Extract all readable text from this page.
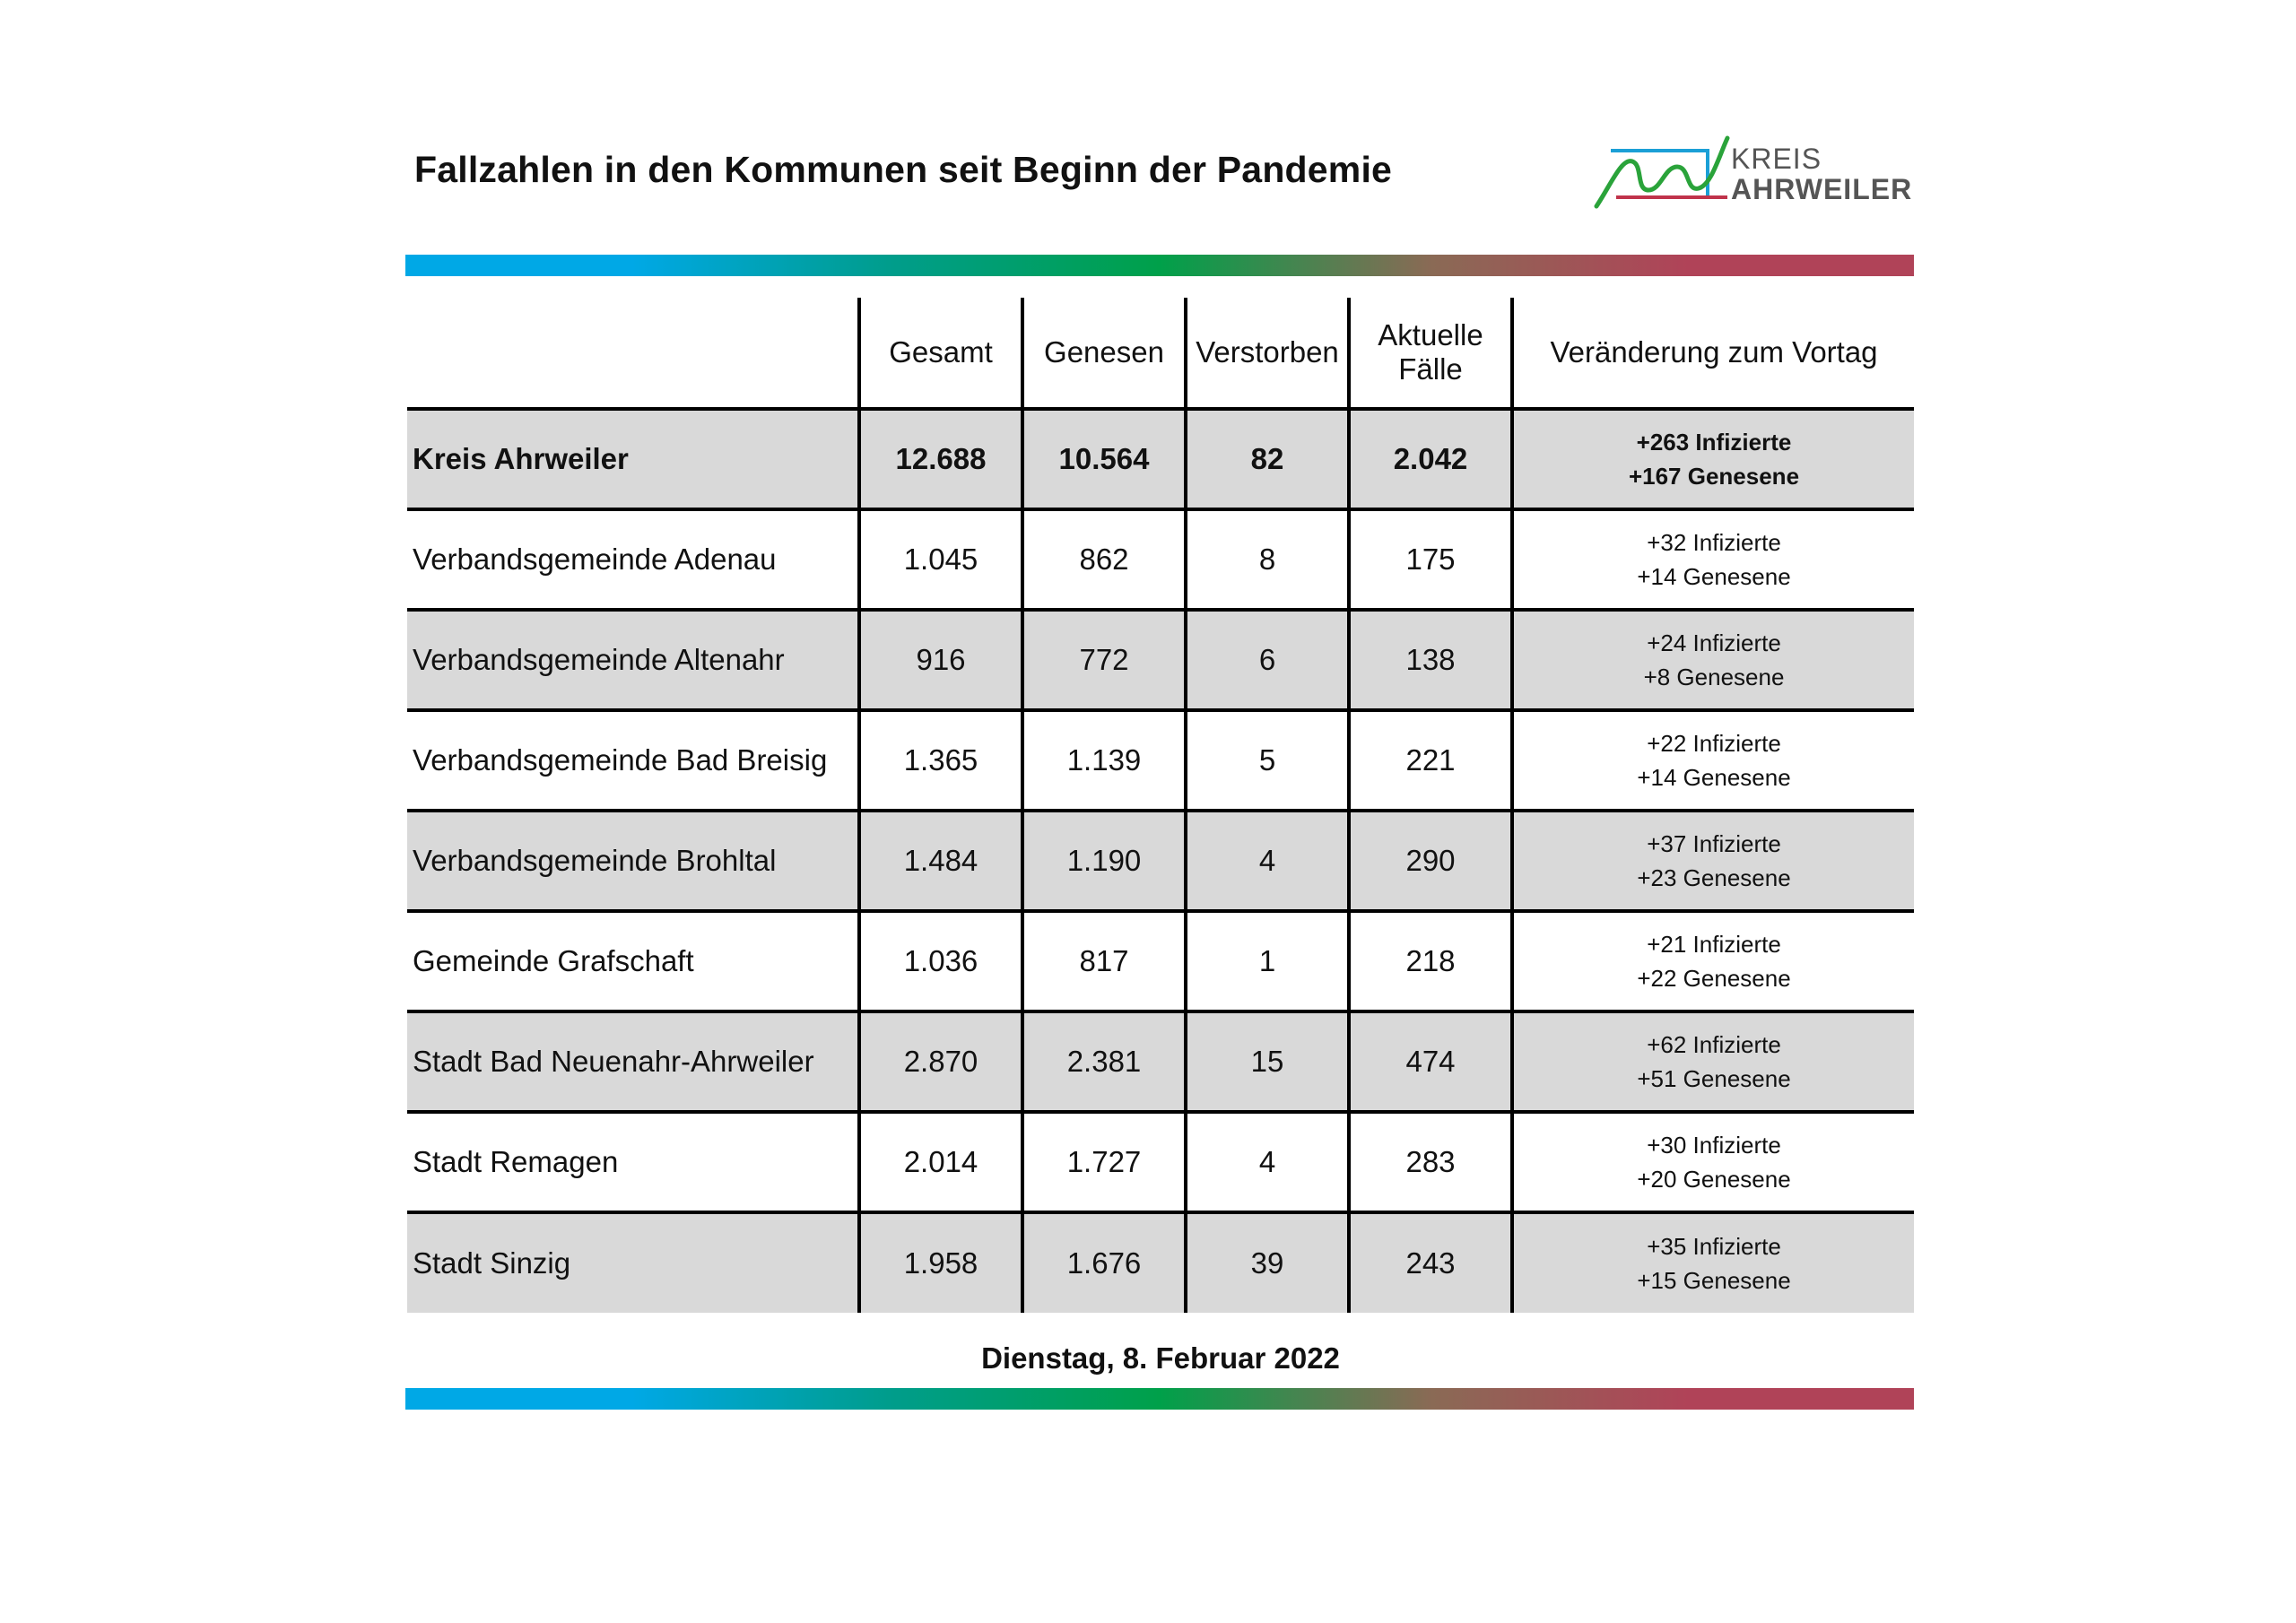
Fallzahlen in den Kommunen seit Beginn der Pandemie	KREIS
AHRWEILER
	Gesamt	Genesen	Verstorben	Aktuelle
Fälle	Veränderung zum Vortag
Kreis Ahrweiler	12.688	10.564	82	2.042	+263 Infizierte
+167 Genesene

Verbandsgemeinde Adenau	1.045	862	8	175	+32 Infizierte
+14 Genesene

Verbandsgemeinde Altenahr	916	772	6	138	+24 Infizierte
+8 Genesene

Verbandsgemeinde Bad Breisig	1.365	1.139	5	221	+22 Infizierte
+14 Genesene

Verbandsgemeinde Brohltal	1.484	1.190	4	290	+37 Infizierte
+23 Genesene

Gemeinde Grafschaft	1.036	817	1	218	+21 Infizierte
+22 Genesene

Stadt Bad Neuenahr-Ahrweiler	2.870	2.381	15	474	+62 Infizierte
+51 Genesene

Stadt Remagen	2.014	1.727	4	283	+30 Infizierte
+20 Genesene

Stadt Sinzig	1.958	1.676	39	243	+35 Infizierte
+15 Genesene
Dienstag, 8. Februar 2022
